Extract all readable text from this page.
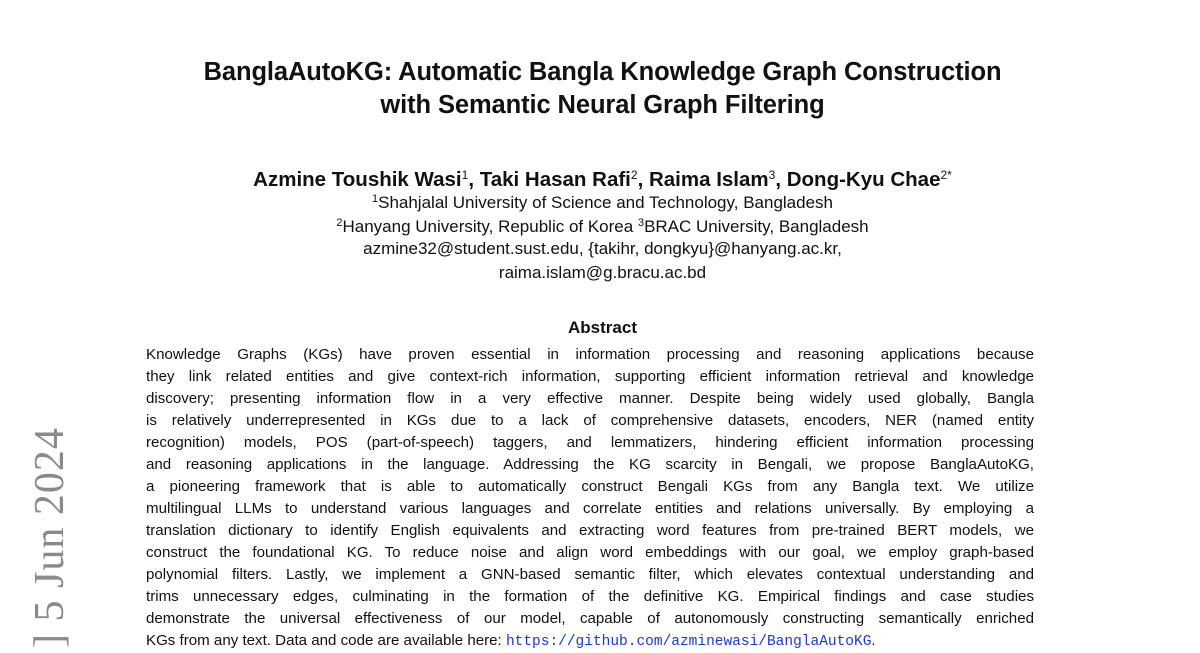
] 5 Jun 2024
BanglaAutoKG: Automatic Bangla Knowledge Graph Construction
with Semantic Neural Graph Filtering
Azmine Toushik Wasi$^1$, Taki Hasan Rafi$^2$, Raima Islam$^3$, Dong-Kyu Chae$^{2*}$
$^1$Shahjalal University of Science and Technology, Bangladesh
$^2$Hanyang University, Republic of Korea $^3$BRAC University, Bangladesh
azmine32@student.sust.edu, {takihr, dongkyu}@hanyang.ac.kr,
raima.islam@g.bracu.ac.bd
Abstract
Knowledge Graphs (KGs) have proven essential in information processing and reasoning applications because
they link related entities and give context-rich information, supporting efficient information retrieval and knowledge
discovery; presenting information flow in a very effective manner. Despite being widely used globally, Bangla
is relatively underrepresented in KGs due to a lack of comprehensive datasets, encoders, NER (named entity
recognition) models, POS (part-of-speech) taggers, and lemmatizers, hindering efficient information processing
and reasoning applications in the language. Addressing the KG scarcity in Bengali, we propose BanglaAutoKG,
a pioneering framework that is able to automatically construct Bengali KGs from any Bangla text. We utilize
multilingual LLMs to understand various languages and correlate entities and relations universally. By employing a
translation dictionary to identify English equivalents and extracting word features from pre-trained BERT models, we
construct the foundational KG. To reduce noise and align word embeddings with our goal, we employ graph-based
polynomial filters. Lastly, we implement a GNN-based semantic filter, which elevates contextual understanding and
trims unnecessary edges, culminating in the formation of the definitive KG. Empirical findings and case studies
demonstrate the universal effectiveness of our model, capable of autonomously constructing semantically enriched
KGs from any text. Data and code are available here: https://github.com/azminewasi/BanglaAutoKG.
